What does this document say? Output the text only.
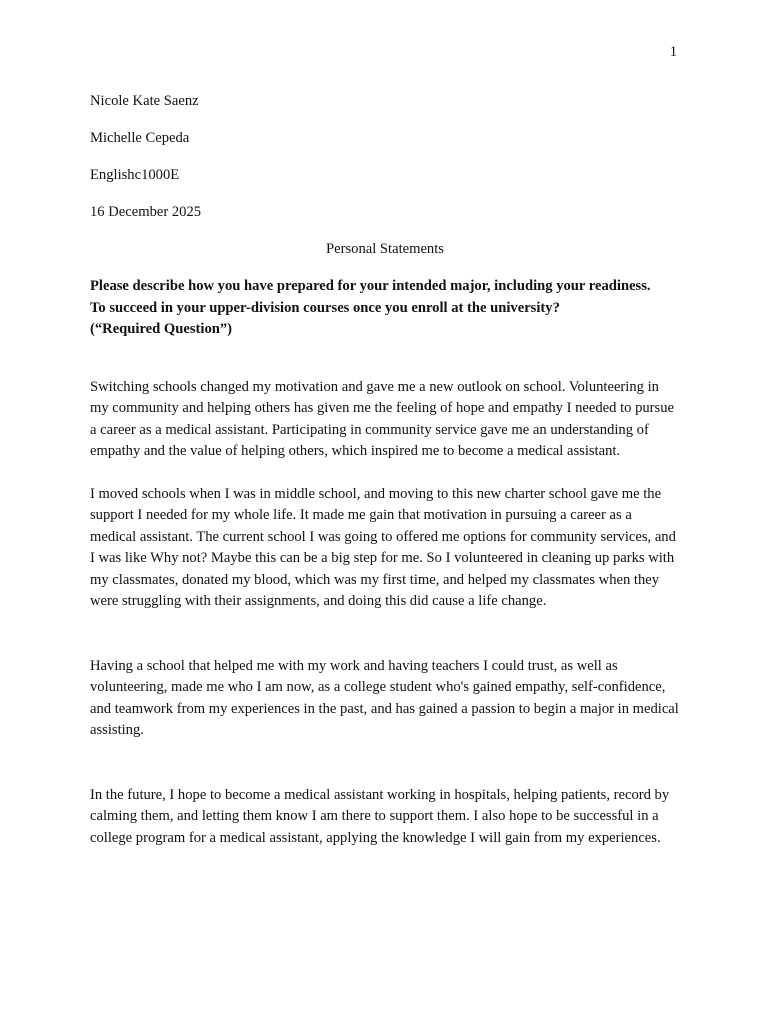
1

Nicole Kate Saenz

Michelle Cepeda

Englishc1000E

16 December 2025

Personal Statements

Please describe how you have prepared for your intended major, including your readiness.

To succeed in your upper-division courses once you enroll at the university?

(“Required Question”)

Switching schools changed my motivation and gave me a new outlook on school. Volunteering in my community and helping others has given me the feeling of hope and empathy I needed to pursue a career as a medical assistant. Participating in community service gave me an understanding of empathy and the value of helping others, which inspired me to become a medical assistant.

I moved schools when I was in middle school, and moving to this new charter school gave me the support I needed for my whole life. It made me gain that motivation in pursuing a career as a medical assistant. The current school I was going to offered me options for community services, and I was like Why not? Maybe this can be a big step for me. So I volunteered in cleaning up parks with my classmates, donated my blood, which was my first time, and helped my classmates when they were struggling with their assignments, and doing this did cause a life change.

Having a school that helped me with my work and having teachers I could trust, as well as volunteering, made me who I am now, as a college student who's gained empathy, self-confidence, and teamwork from my experiences in the past, and has gained a passion to begin a major in medical assisting.

In the future, I hope to become a medical assistant working in hospitals, helping patients, record by calming them, and letting them know I am there to support them. I also hope to be successful in a college program for a medical assistant, applying the knowledge I will gain from my experiences.
